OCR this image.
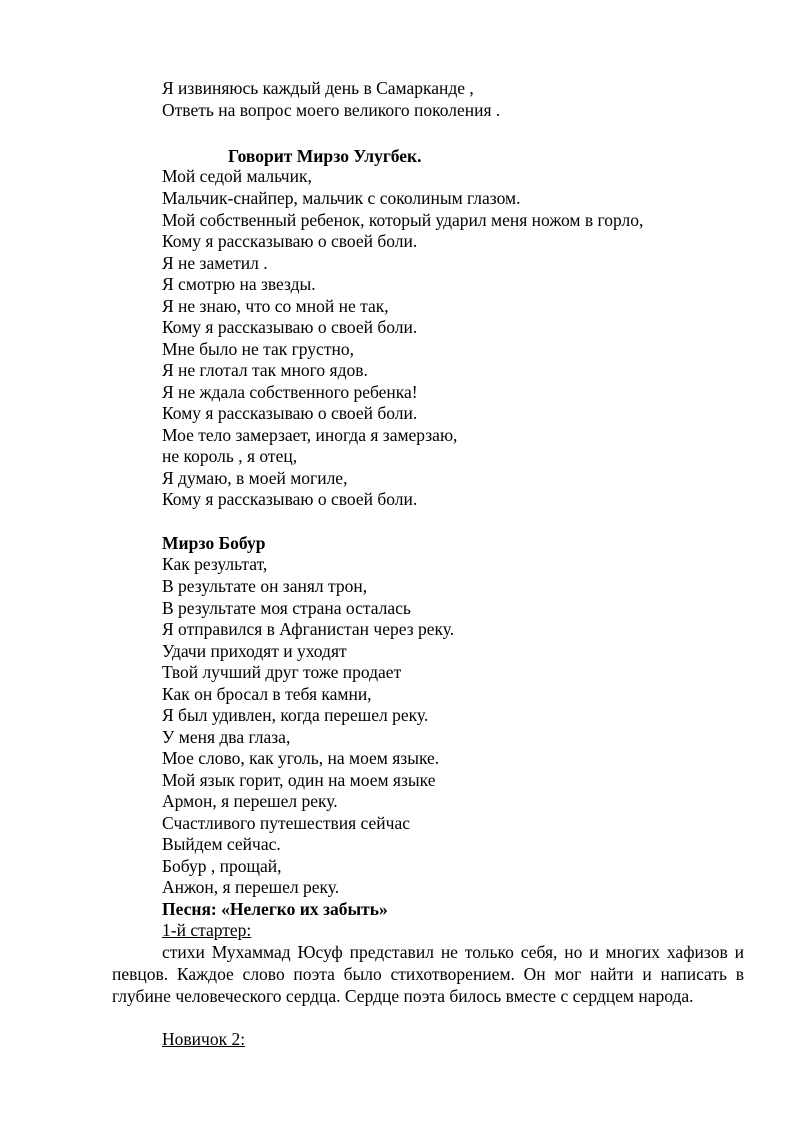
Я извиняюсь каждый день в Самарканде ,
Ответь на вопрос моего великого поколения .
Говорит Мирзо Улугбек.
Мой седой мальчик,
Мальчик-снайпер, мальчик с соколиным глазом.
Мой собственный ребенок, который ударил меня ножом в горло,
Кому я рассказываю о своей боли.
Я не заметил .
Я смотрю на звезды.
Я не знаю, что со мной не так,
Кому я рассказываю о своей боли.
Мне было не так грустно,
Я не глотал так много ядов.
Я не ждала собственного ребенка!
Кому я рассказываю о своей боли.
Мое тело замерзает, иногда я замерзаю,
не король , я отец,
Я думаю, в моей могиле,
Кому я рассказываю о своей боли.
Мирзо Бобур
Как результат,
В результате он занял трон,
В результате моя страна осталась
Я отправился в Афганистан через реку.
Удачи приходят и уходят
Твой лучший друг тоже продает
Как он бросал в тебя камни,
Я был удивлен, когда перешел реку.
У меня два глаза,
Мое слово, как уголь, на моем языке.
Мой язык горит, один на моем языке
Армон, я перешел реку.
Счастливого путешествия сейчас
Выйдем сейчас.
Бобур , прощай,
Анжон, я перешел реку.
Песня: «Нелегко их забыть»
1-й стартер:
стихи Мухаммад Юсуф представил не только себя, но и многих хафизов и певцов. Каждое слово поэта было стихотворением. Он мог найти и написать в глубине человеческого сердца. Сердце поэта билось вместе с сердцем народа.
Новичок 2:
